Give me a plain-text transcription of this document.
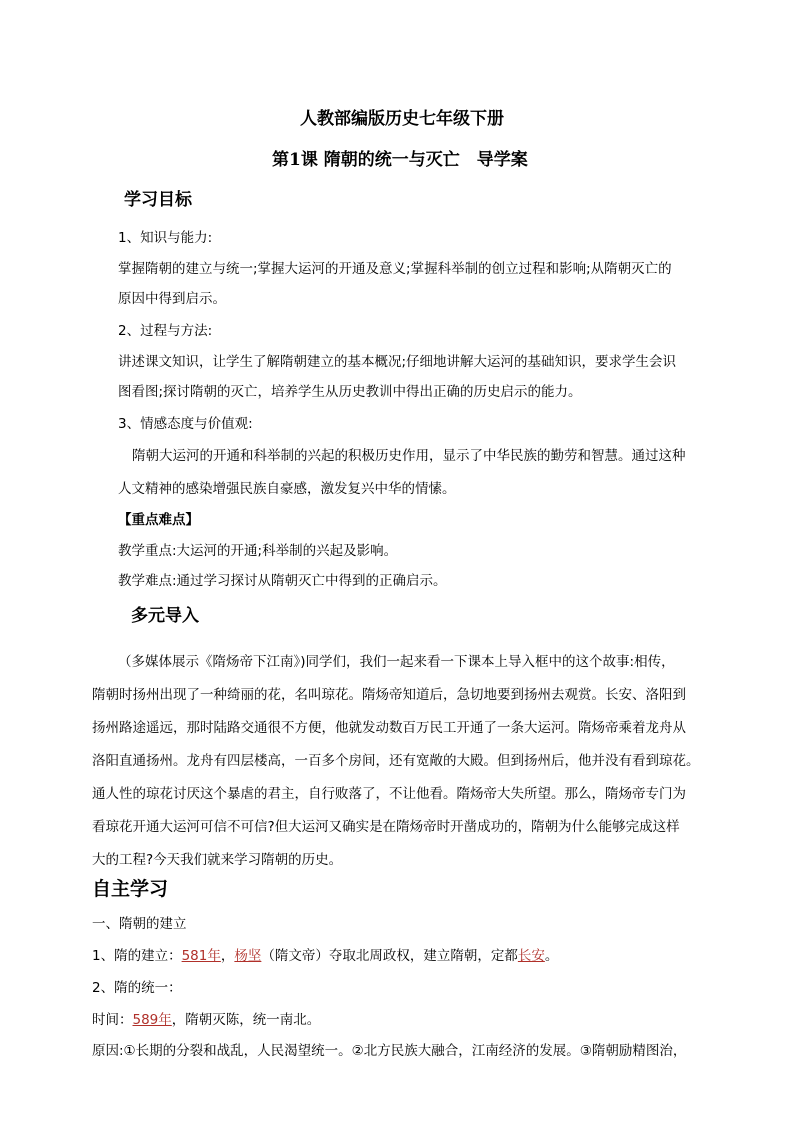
人教部编版历史七年级下册
第1课 隋朝的统一与灭亡　导学案
学习目标
1、知识与能力:
掌握隋朝的建立与统一;掌握大运河的开通及意义;掌握科举制的创立过程和影响;从隋朝灭亡的
原因中得到启示。
2、过程与方法:
讲述课文知识，让学生了解隋朝建立的基本概况;仔细地讲解大运河的基础知识，要求学生会识
图看图;探讨隋朝的灭亡，培养学生从历史教训中得出正确的历史启示的能力。
3、情感态度与价值观:
隋朝大运河的开通和科举制的兴起的积极历史作用，显示了中华民族的勤劳和智慧。通过这种
人文精神的感染增强民族自豪感，激发复兴中华的情愫。
【重点难点】
教学重点:大运河的开通;科举制的兴起及影响。
教学难点:通过学习探讨从隋朝灭亡中得到的正确启示。
多元导入
（多媒体展示《隋炀帝下江南》)同学们，我们一起来看一下课本上导入框中的这个故事:相传，
隋朝时扬州出现了一种绮丽的花，名叫琼花。隋炀帝知道后，急切地要到扬州去观赏。长安、洛阳到
扬州路途遥远，那时陆路交通很不方便，他就发动数百万民工开通了一条大运河。隋炀帝乘着龙舟从
洛阳直通扬州。龙舟有四层楼高，一百多个房间，还有宽敞的大殿。但到扬州后，他并没有看到琼花。
通人性的琼花讨厌这个暴虐的君主，自行败落了，不让他看。隋炀帝大失所望。那么，隋炀帝专门为
看琼花开通大运河可信不可信?但大运河又确实是在隋炀帝时开凿成功的，隋朝为什么能够完成这样
大的工程?今天我们就来学习隋朝的历史。
自主学习
一、隋朝的建立
1、隋的建立：581年，杨坚（隋文帝）夺取北周政权，建立隋朝，定都长安。
2、隋的统一：
时间：589年，隋朝灭陈，统一南北。
原因:①长期的分裂和战乱，人民渴望统一。②北方民族大融合，江南经济的发展。③隋朝励精图治，
